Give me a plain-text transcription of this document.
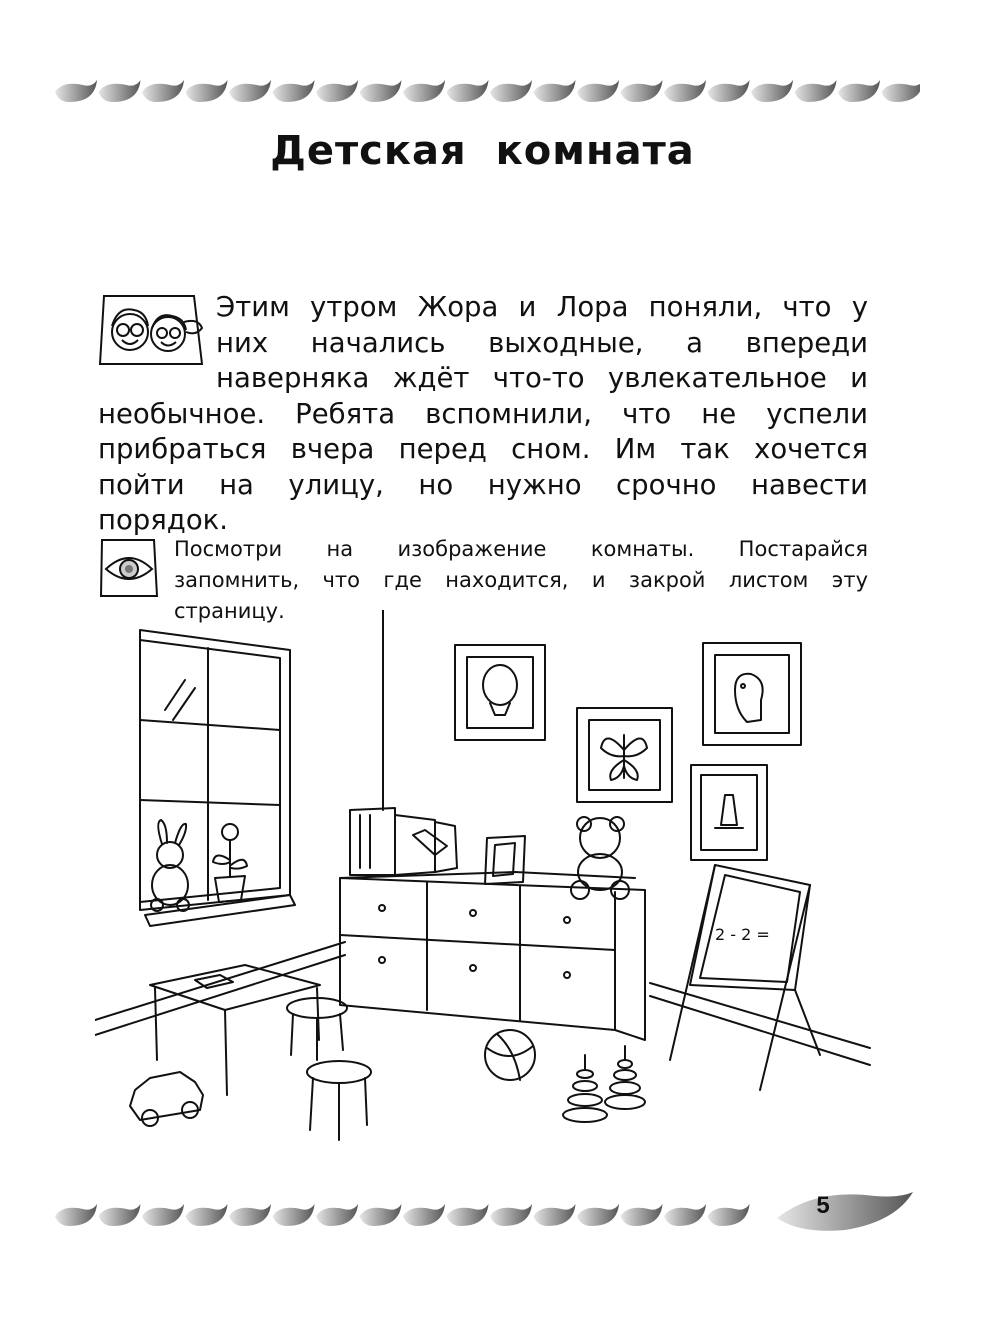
Детская комната

Этим утром Жора и Лора поняли, что у них начались выходные, а впереди наверняка ждёт что-то увлекательное и необычное. Ребята вспомнили, что не успели прибраться вчера перед сном. Им так хочется пойти на улицу, но нужно срочно навести порядок.

Посмотри на изображение комнаты. Постарайся запомнить, что где находится, и закрой листом эту страницу.

2 - 2 =
5
